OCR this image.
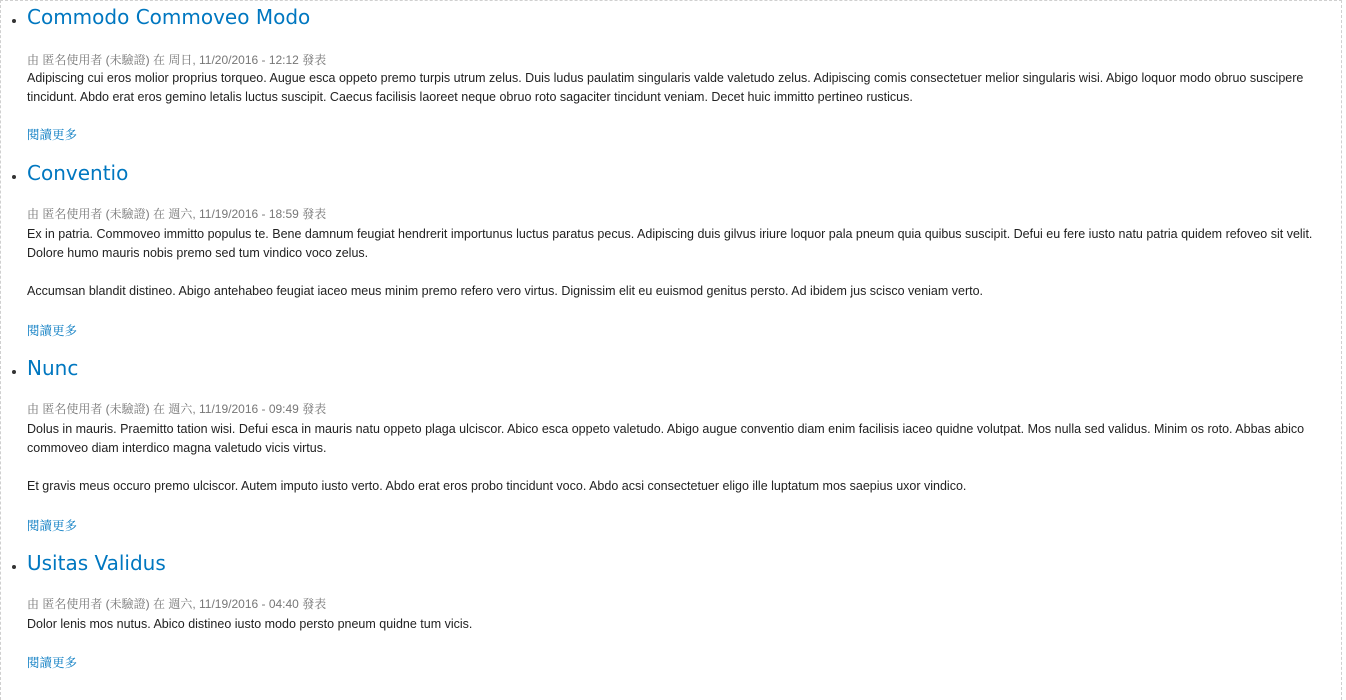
Commodo Commoveo Modo
由 匿名使用者 (未驗證) 在 周日, 11/20/2016 - 12:12 發表

Adipiscing cui eros molior proprius torqueo. Augue esca oppeto premo turpis utrum zelus. Duis ludus paulatim singularis valde valetudo zelus. Adipiscing comis consectetuer melior singularis wisi. Abigo loquor modo obruo suscipere tincidunt. Abdo erat eros gemino letalis luctus suscipit. Caecus facilisis laoreet neque obruo roto sagaciter tincidunt veniam. Decet huic immitto pertineo rusticus.

閱讀更多
Conventio
由 匿名使用者 (未驗證) 在 週六, 11/19/2016 - 18:59 發表

Ex in patria. Commoveo immitto populus te. Bene damnum feugiat hendrerit importunus luctus paratus pecus. Adipiscing duis gilvus iriure loquor pala pneum quia quibus suscipit. Defui eu fere iusto natu patria quidem refoveo sit velit. Dolore humo mauris nobis premo sed tum vindico voco zelus.

Accumsan blandit distineo. Abigo antehabeo feugiat iaceo meus minim premo refero vero virtus. Dignissim elit eu euismod genitus persto. Ad ibidem jus scisco veniam verto.

閱讀更多
Nunc
由 匿名使用者 (未驗證) 在 週六, 11/19/2016 - 09:49 發表

Dolus in mauris. Praemitto tation wisi. Defui esca in mauris natu oppeto plaga ulciscor. Abico esca oppeto valetudo. Abigo augue conventio diam enim facilisis iaceo quidne volutpat. Mos nulla sed validus. Minim os roto. Abbas abico commoveo diam interdico magna valetudo vicis virtus.

Et gravis meus occuro premo ulciscor. Autem imputo iusto verto. Abdo erat eros probo tincidunt voco. Abdo acsi consectetuer eligo ille luptatum mos saepius uxor vindico.

閱讀更多
Usitas Validus
由 匿名使用者 (未驗證) 在 週六, 11/19/2016 - 04:40 發表

Dolor lenis mos nutus. Abico distineo iusto modo persto pneum quidne tum vicis.

閱讀更多
